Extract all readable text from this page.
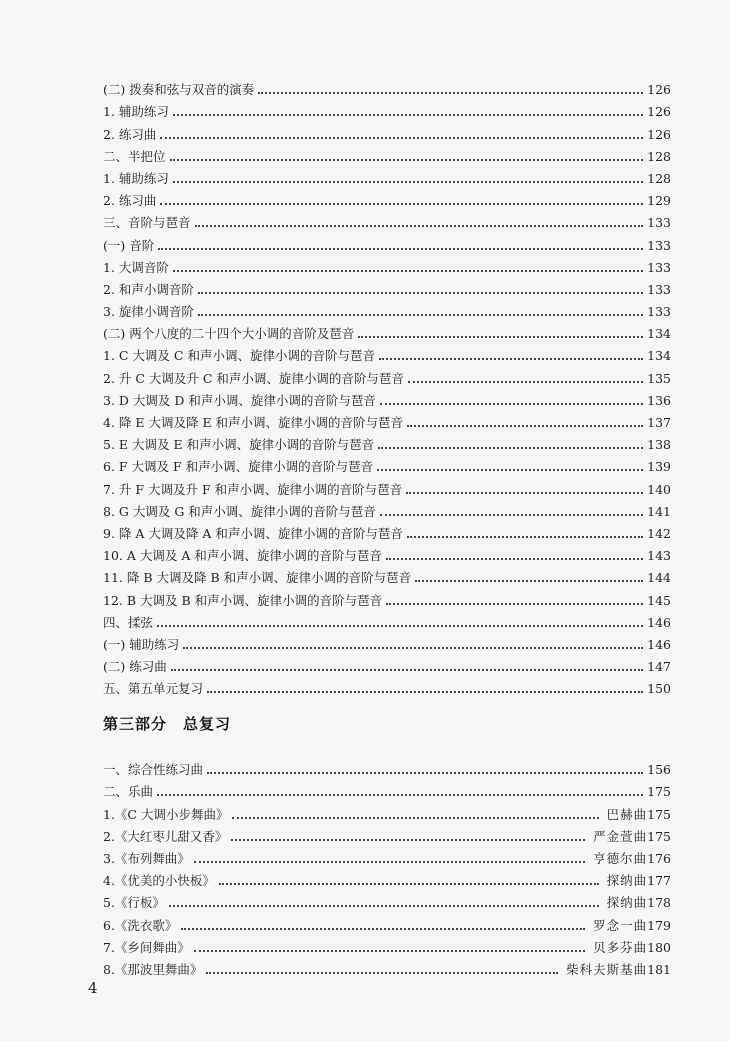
(二) 拨奏和弦与双音的演奏	126
1. 辅助练习	126
2. 练习曲	126
二、半把位	128
1. 辅助练习	128
2. 练习曲	129
三、音阶与琶音	133
(一) 音阶	133
1. 大调音阶	133
2. 和声小调音阶	133
3. 旋律小调音阶	133
(二) 两个八度的二十四个大小调的音阶及琶音	134
1. C 大调及 C 和声小调、旋律小调的音阶与琶音	134
2. 升 C 大调及升 C 和声小调、旋律小调的音阶与琶音	135
3. D 大调及 D 和声小调、旋律小调的音阶与琶音	136
4. 降 E 大调及降 E 和声小调、旋律小调的音阶与琶音	137
5. E 大调及 E 和声小调、旋律小调的音阶与琶音	138
6. F 大调及 F 和声小调、旋律小调的音阶与琶音	139
7. 升 F 大调及升 F 和声小调、旋律小调的音阶与琶音	140
8. G 大调及 G 和声小调、旋律小调的音阶与琶音	141
9. 降 A 大调及降 A 和声小调、旋律小调的音阶与琶音	142
10. A 大调及 A 和声小调、旋律小调的音阶与琶音	143
11. 降 B 大调及降 B 和声小调、旋律小调的音阶与琶音	144
12. B 大调及 B 和声小调、旋律小调的音阶与琶音	145
四、揉弦	146
(一) 辅助练习	146
(二) 练习曲	147
五、第五单元复习	150
第三部分　总复习
一、综合性练习曲	156
二、乐曲	175
1.《C 大调小步舞曲》	巴赫曲 175
2.《大红枣儿甜又香》	严金萱曲 175
3.《布列舞曲》	亨德尔曲 176
4.《优美的小快板》	探纳曲 177
5.《行板》	探纳曲 178
6.《洗衣歌》	罗念一曲 179
7.《乡间舞曲》	贝多芬曲 180
8.《那波里舞曲》	柴科夫斯基曲 181
4
